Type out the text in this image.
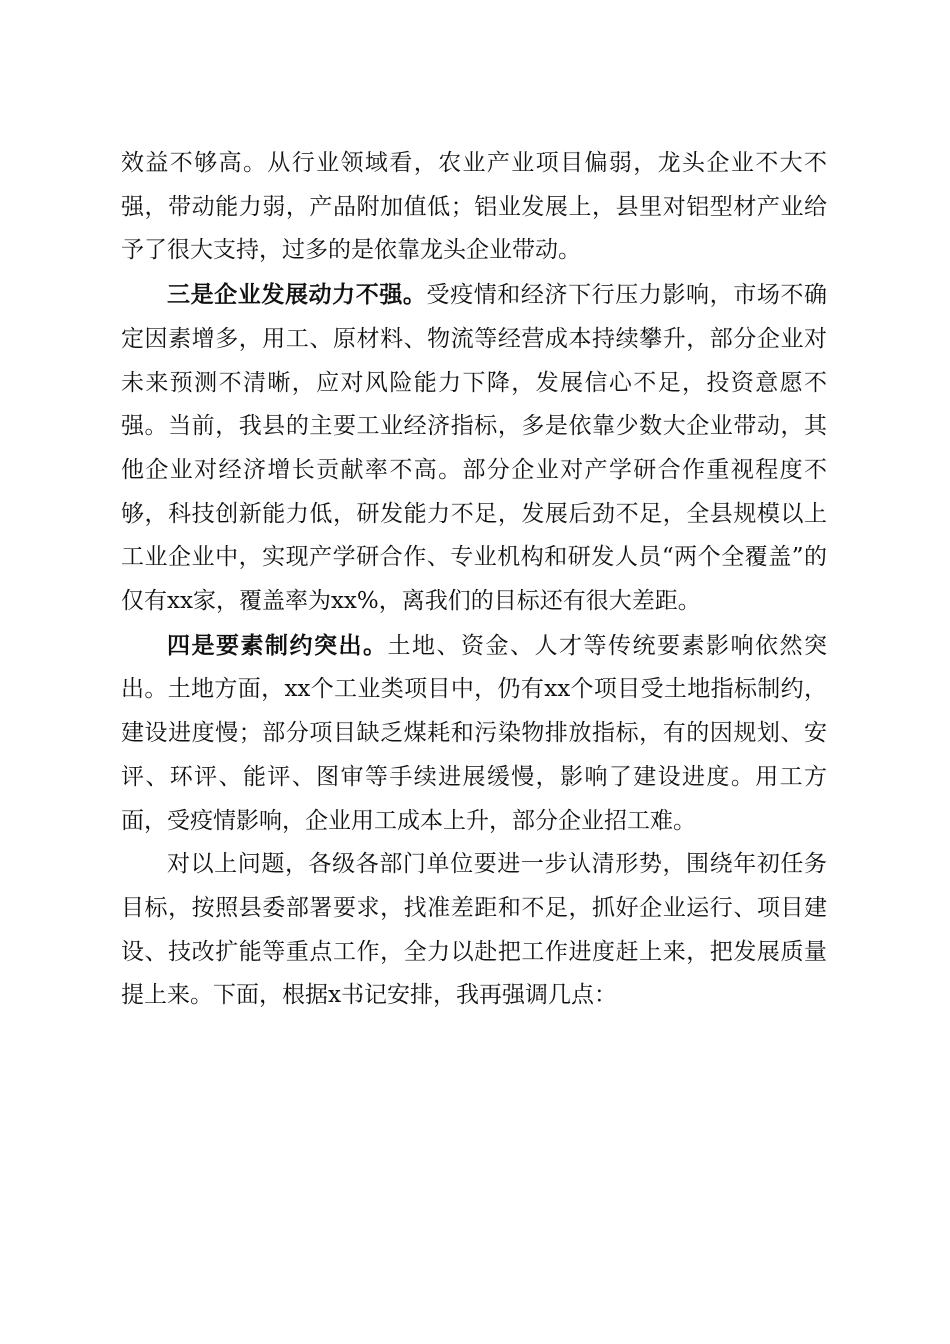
效益不够高。从行业领域看，农业产业项目偏弱，龙头企业不大不强，带动能力弱，产品附加值低；铝业发展上，县里对铝型材产业给予了很大支持，过多的是依靠龙头企业带动。

三是企业发展动力不强。受疫情和经济下行压力影响，市场不确定因素增多，用工、原材料、物流等经营成本持续攀升，部分企业对未来预测不清晰，应对风险能力下降，发展信心不足，投资意愿不强。当前，我县的主要工业经济指标，多是依靠少数大企业带动，其他企业对经济增长贡献率不高。部分企业对产学研合作重视程度不够，科技创新能力低，研发能力不足，发展后劲不足，全县规模以上工业企业中，实现产学研合作、专业机构和研发人员“两个全覆盖”的仅有xx家，覆盖率为xx%，离我们的目标还有很大差距。

四是要素制约突出。土地、资金、人才等传统要素影响依然突出。土地方面，xx个工业类项目中，仍有xx个项目受土地指标制约，建设进度慢；部分项目缺乏煤耗和污染物排放指标，有的因规划、安评、环评、能评、图审等手续进展缓慢，影响了建设进度。用工方面，受疫情影响，企业用工成本上升，部分企业招工难。

对以上问题，各级各部门单位要进一步认清形势，围绕年初任务目标，按照县委部署要求，找准差距和不足，抓好企业运行、项目建设、技改扩能等重点工作，全力以赴把工作进度赶上来，把发展质量提上来。下面，根据x书记安排，我再强调几点：
